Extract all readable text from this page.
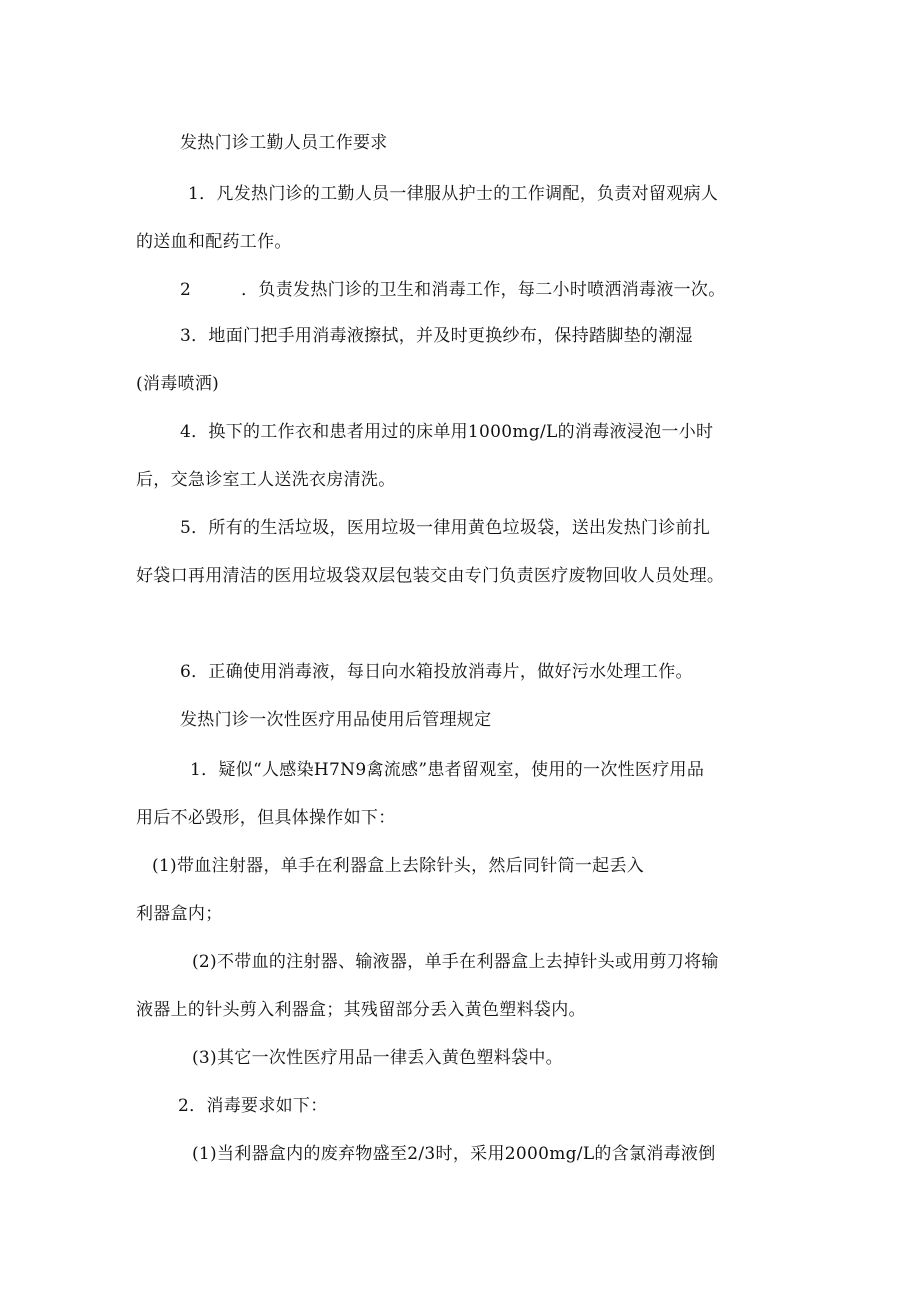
发热门诊工勤人员工作要求

1．凡发热门诊的工勤人员一律服从护士的工作调配，负责对留观病人

的送血和配药工作。

2	．负责发热门诊的卫生和消毒工作，每二小时喷洒消毒液一次。

3．地面门把手用消毒液擦拭，并及时更换纱布，保持踏脚垫的潮湿

(消毒喷洒)

4．换下的工作衣和患者用过的床单用1000mg/L的消毒液浸泡一小时

后，交急诊室工人送洗衣房清洗。

5．所有的生活垃圾，医用垃圾一律用黄色垃圾袋，送出发热门诊前扎

好袋口再用清洁的医用垃圾袋双层包装交由专门负责医疗废物回收人员处理。

6．正确使用消毒液，每日向水箱投放消毒片，做好污水处理工作。

发热门诊一次性医疗用品使用后管理规定

1．疑似“人感染H7N9禽流感”患者留观室，使用的一次性医疗用品

用后不必毁形，但具体操作如下：

(1)带血注射器，单手在利器盒上去除针头，然后同针筒一起丢入

利器盒内；

(2)不带血的注射器、输液器，单手在利器盒上去掉针头或用剪刀将输

液器上的针头剪入利器盒；其残留部分丢入黄色塑料袋内。

(3)其它一次性医疗用品一律丢入黄色塑料袋中。

2．消毒要求如下：

(1)当利器盒内的废弃物盛至2/3时，采用2000mg/L的含氯消毒液倒
